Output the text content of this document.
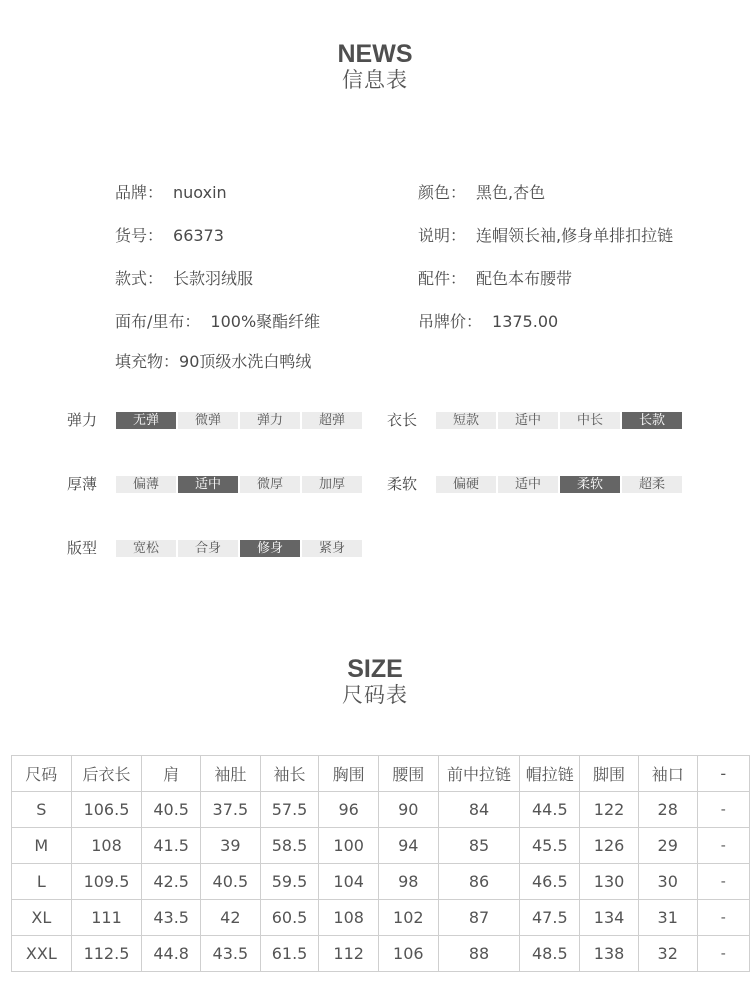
NEWS
信息表
品牌： nuoxin	颜色： 黑色,杏色
货号： 66373	说明： 连帽领长袖,修身单排扣拉链
款式： 长款羽绒服	配件： 配色本布腰带
面布/里布： 100%聚酯纤维	吊牌价： 1375.00
填充物：90顶级水洗白鸭绒
弹力	无弹	微弹	弹力	超弹	衣长	短款	适中	中长	长款
厚薄	偏薄	适中	微厚	加厚	柔软	偏硬	适中	柔软	超柔
版型	宽松	合身	修身	紧身
SIZE
尺码表
尺码	后衣长	肩	袖肚	袖长	胸围	腰围	前中拉链	帽拉链	脚围	袖口	-
S	106.5	40.5	37.5	57.5	96	90	84	44.5	122	28	-
M	108	41.5	39	58.5	100	94	85	45.5	126	29	-
L	109.5	42.5	40.5	59.5	104	98	86	46.5	130	30	-
XL	111	43.5	42	60.5	108	102	87	47.5	134	31	-
XXL	112.5	44.8	43.5	61.5	112	106	88	48.5	138	32	-
